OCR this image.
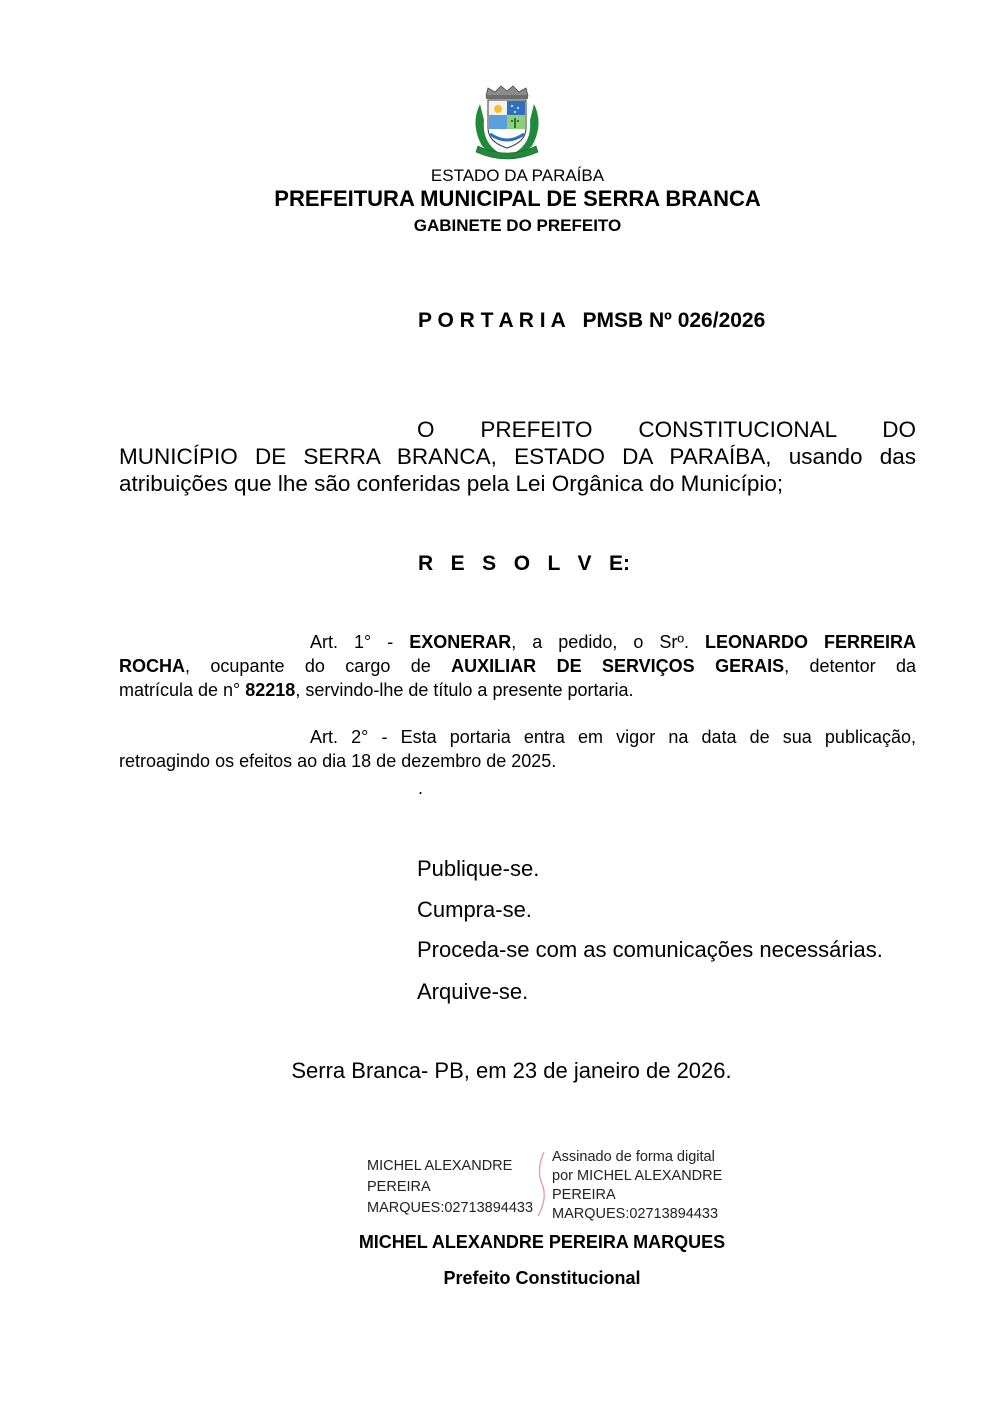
ESTADO DA PARAÍBA
PREFEITURA MUNICIPAL DE SERRA BRANCA
GABINETE DO PREFEITO
P O R T A R I A   PMSB Nº 026/2026
O PREFEITO CONSTITUCIONAL DO
MUNICÍPIO DE SERRA BRANCA, ESTADO DA PARAÍBA, usando das
atribuições que lhe são conferidas pela Lei Orgânica do Município;
R   E   S   O   L   V   E:
Art. 1° - EXONERAR, a pedido, o Srº. LEONARDO FERREIRA
ROCHA, ocupante do cargo de AUXILIAR DE SERVIÇOS GERAIS, detentor da
matrícula de n° 82218, servindo-lhe de título a presente portaria.
Art. 2° - Esta portaria entra em vigor na data de sua publicação,
retroagindo os efeitos ao dia 18 de dezembro de 2025.
.
Publique-se.
Cumpra-se.
Proceda-se com as comunicações necessárias.
Arquive-se.
Serra Branca- PB, em 23 de janeiro de 2026.
MICHEL ALEXANDRE
PEREIRA
MARQUES:02713894433
Assinado de forma digital
por MICHEL ALEXANDRE
PEREIRA
MARQUES:02713894433
MICHEL ALEXANDRE PEREIRA MARQUES
Prefeito Constitucional
